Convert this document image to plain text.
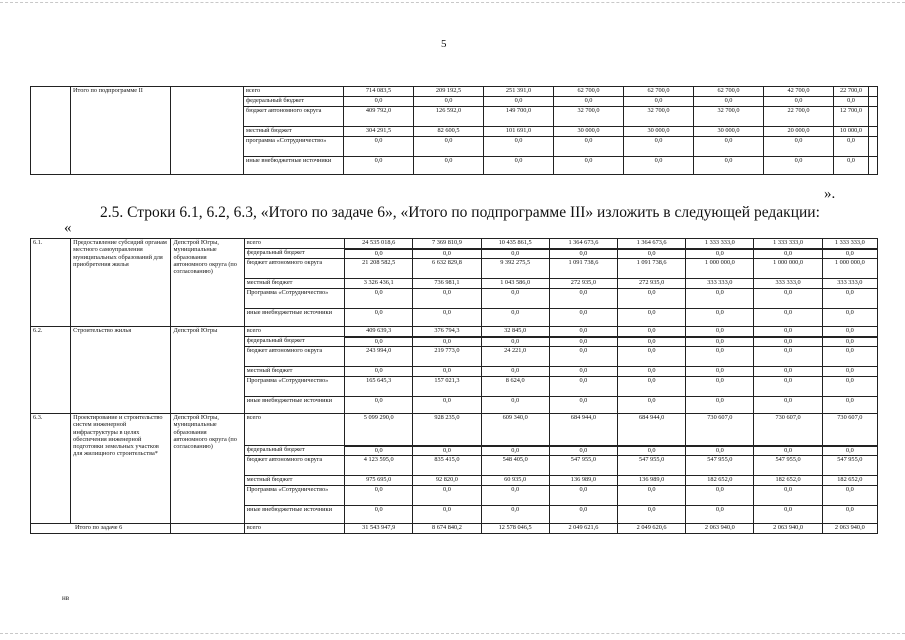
5
	Итого по подпрограмме II		всего	714 083,5	209 192,5	251 391,0	62 700,0	62 700,0	62 700,0	42 700,0	22 700,0	
			федеральный бюджет	0,0	0,0	0,0	0,0	0,0	0,0	0,0	0,0	
			бюджет автономного округа	409 792,0	126 592,0	149 700,0	32 700,0	32 700,0	32 700,0	22 700,0	12 700,0	
			местный бюджет	304 291,5	82 600,5	101 691,0	30 000,0	30 000,0	30 000,0	20 000,0	10 000,0	
			программа «Сотрудничество»	0,0	0,0	0,0	0,0	0,0	0,0	0,0	0,0	
			иные внебюджетные источники	0,0	0,0	0,0	0,0	0,0	0,0	0,0	0,0	
».
2.5. Строки 6.1, 6.2, 6.3, «Итого по задаче 6», «Итого по подпрограмме III» изложить в следующей редакции:
«
6.1.	Предоставление субсидий органам местного самоуправления муниципальных образований для приобретения жилья	Депстрой Югры, муниципальные образования автономного округа (по согласованию)	всего	24 535 018,6	7 369 810,9	10 435 861,5	1 364 673,6	1 364 673,6	1 333 333,0	1 333 333,0	1 333 333,0
			федеральный бюджет	0,0	0,0	0,0	0,0	0,0	0,0	0,0	0,0
			бюджет автономного округа	21 208 582,5	6 632 829,8	9 392 275,5	1 091 738,6	1 091 738,6	1 000 000,0	1 000 000,0	1 000 000,0
			местный бюджет	3 326 436,1	736 981,1	1 043 586,0	272 935,0	272 935,0	333 333,0	333 333,0	333 333,0
			Программа «Сотрудничество»	0,0	0,0	0,0	0,0	0,0	0,0	0,0	0,0
			иные внебюджетные источники	0,0	0,0	0,0	0,0	0,0	0,0	0,0	0,0
6.2.	Строительство жилья	Депстрой Югры	всего	409 639,3	376 794,3	32 845,0	0,0	0,0	0,0	0,0	0,0
			федеральный бюджет	0,0	0,0	0,0	0,0	0,0	0,0	0,0	0,0
			бюджет автономного округа	243 994,0	219 773,0	24 221,0	0,0	0,0	0,0	0,0	0,0
			местный бюджет	0,0	0,0	0,0	0,0	0,0	0,0	0,0	0,0
			Программа «Сотрудничество»	165 645,3	157 021,3	8 624,0	0,0	0,0	0,0	0,0	0,0
			иные внебюджетные источники	0,0	0,0	0,0	0,0	0,0	0,0	0,0	0,0
6.3.	Проектирование и строительство систем инженерной инфраструктуры в целях обеспечения инженерной подготовки земельных участков для жилищного строительства*	Депстрой Югры, муниципальные образования автономного округа (по согласованию)	всего	5 099 290,0	928 235,0	609 340,0	684 944,0	684 944,0	730 607,0	730 607,0	730 607,0
			федеральный бюджет	0,0	0,0	0,0	0,0	0,0	0,0	0,0	0,0
			бюджет автономного округа	4 123 595,0	835 415,0	548 405,0	547 955,0	547 955,0	547 955,0	547 955,0	547 955,0
			местный бюджет	975 695,0	92 820,0	60 935,0	136 989,0	136 989,0	182 652,0	182 652,0	182 652,0
			Программа «Сотрудничество»	0,0	0,0	0,0	0,0	0,0	0,0	0,0	0,0
			иные внебюджетные источники	0,0	0,0	0,0	0,0	0,0	0,0	0,0	0,0
Итого по задаче 6			всего	31 543 947,9	8 674 840,2	12 578 046,5	2 049 621,6	2 049 620,6	2 063 940,0	2 063 940,0	2 063 940,0
нв
